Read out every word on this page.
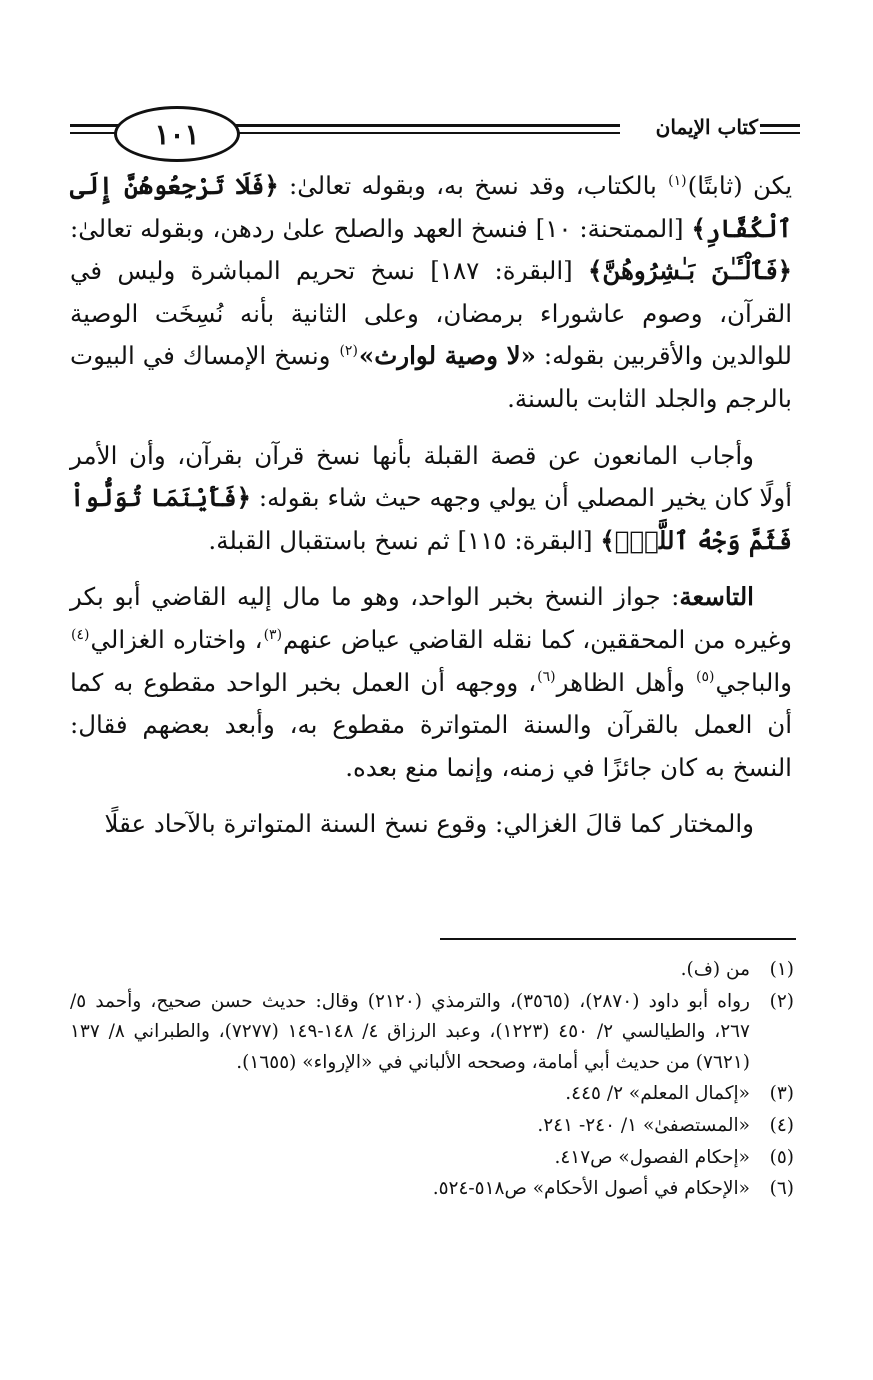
١٠١	كتاب الإيمان

يكن (ثابتًا)$^{(١)}$ بالكتاب، وقد نسخ به، وبقوله تعالىٰ: ﴿فَلَا تَرْجِعُوهُنَّ إِلَى ٱلْكُفَّارِ﴾ [الممتحنة: ١٠] فنسخ العهد والصلح علىٰ ردهن، وبقوله تعالىٰ: ﴿فَٱلْـَٔـٰنَ بَـٰشِرُوهُنَّ﴾ [البقرة: ١٨٧] نسخ تحريم المباشرة وليس في القرآن، وصوم عاشوراء برمضان، وعلى الثانية بأنه نُسِخَت الوصية للوالدين والأقربين بقوله: «لا وصية لوارث»$^{(٢)}$ ونسخ الإمساك في البيوت بالرجم والجلد الثابت بالسنة.

وأجاب المانعون عن قصة القبلة بأنها نسخ قرآن بقرآن، وأن الأمر أولًا كان يخير المصلي أن يولي وجهه حيث شاء بقوله: ﴿فَأَيْنَمَا تُوَلُّواْ فَثَمَّ وَجْهُ ٱللَّهِۚ﴾ [البقرة: ١١٥] ثم نسخ باستقبال القبلة.

التاسعة: جواز النسخ بخبر الواحد، وهو ما مال إليه القاضي أبو بكر وغيره من المحققين، كما نقله القاضي عياض عنهم$^{(٣)}$، واختاره الغزالي$^{(٤)}$ والباجي$^{(٥)}$ وأهل الظاهر$^{(٦)}$، ووجهه أن العمل بخبر الواحد مقطوع به كما أن العمل بالقرآن والسنة المتواترة مقطوع به، وأبعد بعضهم فقال: النسخ به كان جائزًا في زمنه، وإنما منع بعده.

والمختار كما قالَ الغزالي: وقوع نسخ السنة المتواترة بالآحاد عقلًا

(١)
من (ف).
(٢)
رواه أبو داود (٢٨٧٠)، (٣٥٦٥)، والترمذي (٢١٢٠) وقال: حديث حسن صحيح، وأحمد ٥/ ٢٦٧، والطيالسي ٢/ ٤٥٠ (١٢٢٣)، وعبد الرزاق ٤/ ١٤٨-١٤٩ (٧٢٧٧)، والطبراني ٨/ ١٣٧ (٧٦٢١) من حديث أبي أمامة، وصححه الألباني في «الإرواء» (١٦٥٥).
(٣)
«إكمال المعلم» ٢/ ٤٤٥.
(٤)
«المستصفىٰ» ١/ ٢٤٠- ٢٤١.
(٥)
«إحكام الفصول» ص٤١٧.
(٦)
«الإحكام في أصول الأحكام» ص٥١٨-٥٢٤.
